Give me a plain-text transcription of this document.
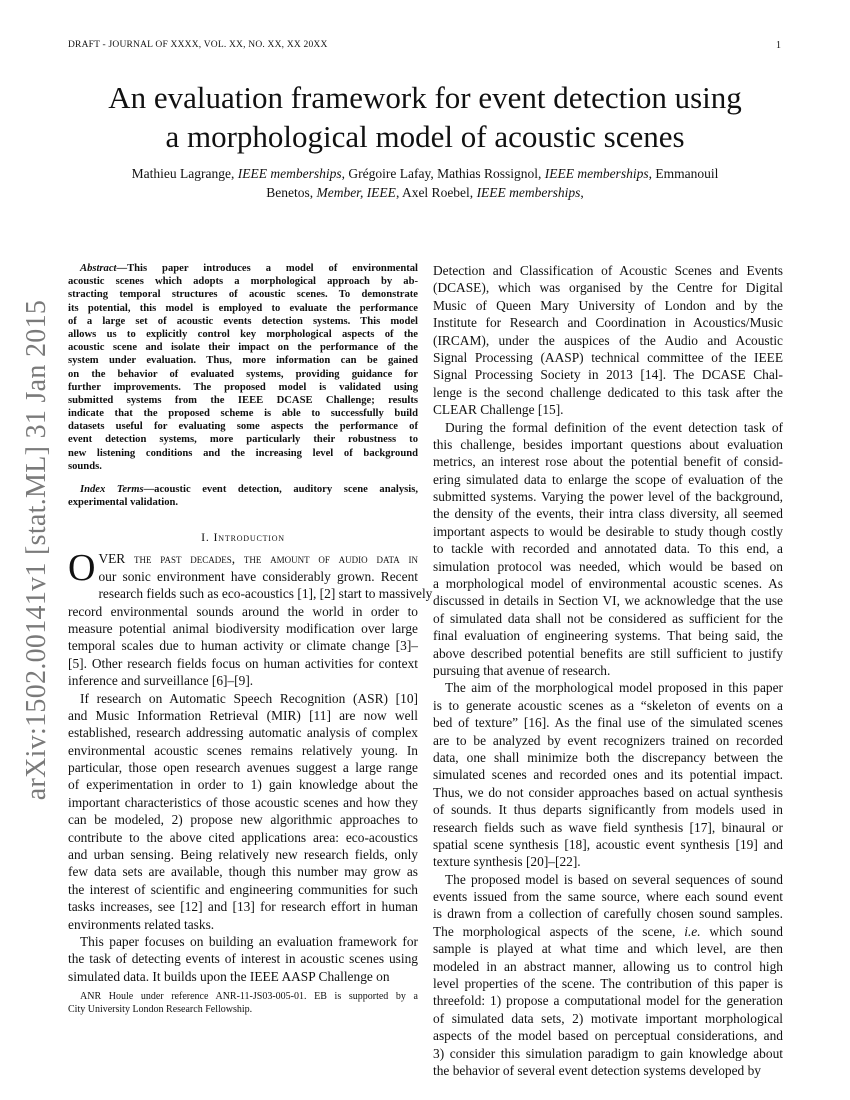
DRAFT - JOURNAL OF XXXX, VOL. XX, NO. XX, XX 20XX	1
arXiv:1502.00141v1 [stat.ML] 31 Jan 2015
An evaluation framework for event detection using
a morphological model of acoustic scenes
Mathieu Lagrange, IEEE memberships, Grégoire Lafay, Mathias Rossignol, IEEE memberships, Emmanouil
Benetos, Member, IEEE, Axel Roebel, IEEE memberships,
Abstract—This paper introduces a model of environmental
acoustic scenes which adopts a morphological approach by ab-
stracting temporal structures of acoustic scenes. To demonstrate
its potential, this model is employed to evaluate the performance
of a large set of acoustic events detection systems. This model
allows us to explicitly control key morphological aspects of the
acoustic scene and isolate their impact on the performance of the
system under evaluation. Thus, more information can be gained
on the behavior of evaluated systems, providing guidance for
further improvements. The proposed model is validated using
submitted systems from the IEEE DCASE Challenge; results
indicate that the proposed scheme is able to successfully build
datasets useful for evaluating some aspects the performance of
event detection systems, more particularly their robustness to
new listening conditions and the increasing level of background
sounds.
Index Terms—acoustic event detection, auditory scene analysis,
experimental validation.
I. Introduction
O VER the past decades, the amount of audio data in
our sonic environment have considerably grown. Recent
research fields such as eco-acoustics [1], [2] start to massively
record environmental sounds around the world in order to
measure potential animal biodiversity modification over large
temporal scales due to human activity or climate change [3]–
[5]. Other research fields focus on human activities for context
inference and surveillance [6]–[9].
If research on Automatic Speech Recognition (ASR) [10]
and Music Information Retrieval (MIR) [11] are now well
established, research addressing automatic analysis of complex
environmental acoustic scenes remains relatively young. In
particular, those open research avenues suggest a large range
of experimentation in order to 1) gain knowledge about the
important characteristics of those acoustic scenes and how they
can be modeled, 2) propose new algorithmic approaches to
contribute to the above cited applications area: eco-acoustics
and urban sensing. Being relatively new research fields, only
few data sets are available, though this number may grow as
the interest of scientific and engineering communities for such
tasks increases, see [12] and [13] for research effort in human
environments related tasks.
This paper focuses on building an evaluation framework for
the task of detecting events of interest in acoustic scenes using
simulated data. It builds upon the IEEE AASP Challenge on
Detection and Classification of Acoustic Scenes and Events
(DCASE), which was organised by the Centre for Digital
Music of Queen Mary University of London and by the
Institute for Research and Coordination in Acoustics/Music
(IRCAM), under the auspices of the Audio and Acoustic
Signal Processing (AASP) technical committee of the IEEE
Signal Processing Society in 2013 [14]. The DCASE Chal-
lenge is the second challenge dedicated to this task after the
CLEAR Challenge [15].
During the formal definition of the event detection task of
this challenge, besides important questions about evaluation
metrics, an interest rose about the potential benefit of consid-
ering simulated data to enlarge the scope of evaluation of the
submitted systems. Varying the power level of the background,
the density of the events, their intra class diversity, all seemed
important aspects to would be desirable to study though costly
to tackle with recorded and annotated data. To this end, a
simulation protocol was needed, which would be based on
a morphological model of environmental acoustic scenes. As
discussed in details in Section VI, we acknowledge that the use
of simulated data shall not be considered as sufficient for the
final evaluation of engineering systems. That being said, the
above described potential benefits are still sufficient to justify
pursuing that avenue of research.
The aim of the morphological model proposed in this paper
is to generate acoustic scenes as a “skeleton of events on a
bed of texture” [16]. As the final use of the simulated scenes
are to be analyzed by event recognizers trained on recorded
data, one shall minimize both the discrepancy between the
simulated scenes and recorded ones and its potential impact.
Thus, we do not consider approaches based on actual synthesis
of sounds. It thus departs significantly from models used in
research fields such as wave field synthesis [17], binaural or
spatial scene synthesis [18], acoustic event synthesis [19] and
texture synthesis [20]–[22].
The proposed model is based on several sequences of sound
events issued from the same source, where each sound event
is drawn from a collection of carefully chosen sound samples.
The morphological aspects of the scene, i.e. which sound
sample is played at what time and which level, are then
modeled in an abstract manner, allowing us to control high
level properties of the scene. The contribution of this paper is
threefold: 1) propose a computational model for the generation
of simulated data sets, 2) motivate important morphological
aspects of the model based on perceptual considerations, and
3) consider this simulation paradigm to gain knowledge about
the behavior of several event detection systems developed by
ANR Houle under reference ANR-11-JS03-005-01. EB is supported by a
City University London Research Fellowship.
